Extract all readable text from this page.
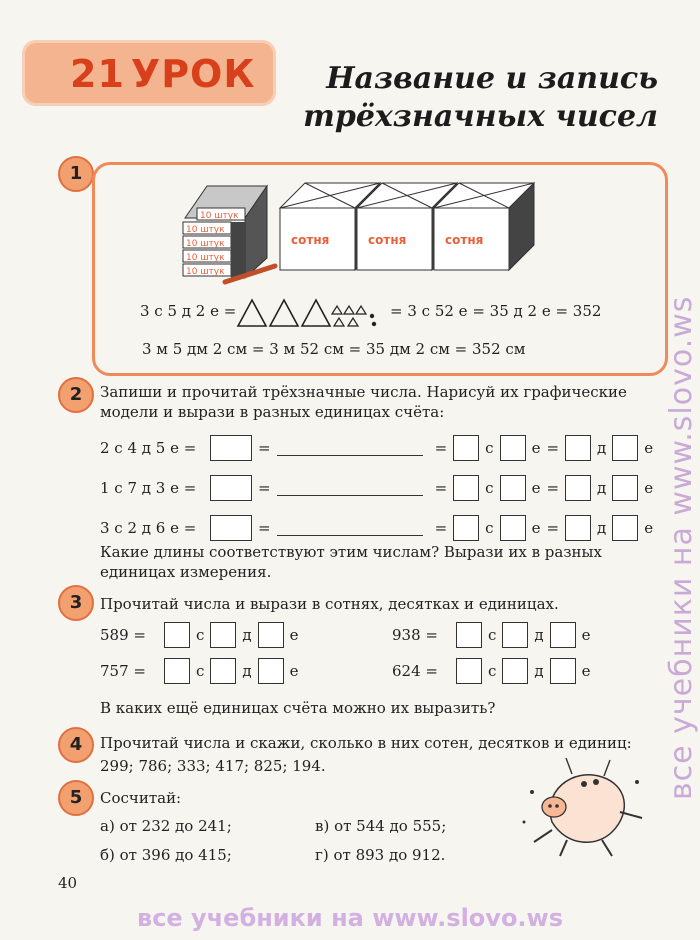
21 УРОК	Название и запись
трёхзначных чисел
1
10 штук
10 штук
10 штук
10 штук
10 штук
сотня	сотня	сотня
3 с 5 д 2 е =	= 3 с 52 е = 35 д 2 е = 352
3 м 5 дм 2 см = 3 м 52 см = 35 дм 2 см = 352 см
2	Запиши и прочитай трёхзначные числа. Нарисуй их графические модели и вырази в разных единицах счёта:
2 с 4 д 5 е =	=	=	с	е =	д	е
1 с 7 д 3 е =	=	=	с	е =	д	е
3 с 2 д 6 е =	=	=	с	е =	д	е
Какие длины соответствуют этим числам? Вырази их в разных единицах измерения.
3	Прочитай числа и вырази в сотнях, десятках и единицах.
589 =	с	д	е	938 =	с	д	е
757 =	с	д	е	624 =	с	д	е
В каких ещё единицах счёта можно их выразить?
4	Прочитай числа и скажи, сколько в них сотен, десятков и единиц:
299; 786; 333; 417; 825; 194.
5	Сосчитай:
а) от 232 до 241;
б) от 396 до 415;
в) от 544 до 555;
г) от 893 до 912.
40
все учебники на www.slovo.ws
все учебники на www.slovo.ws
